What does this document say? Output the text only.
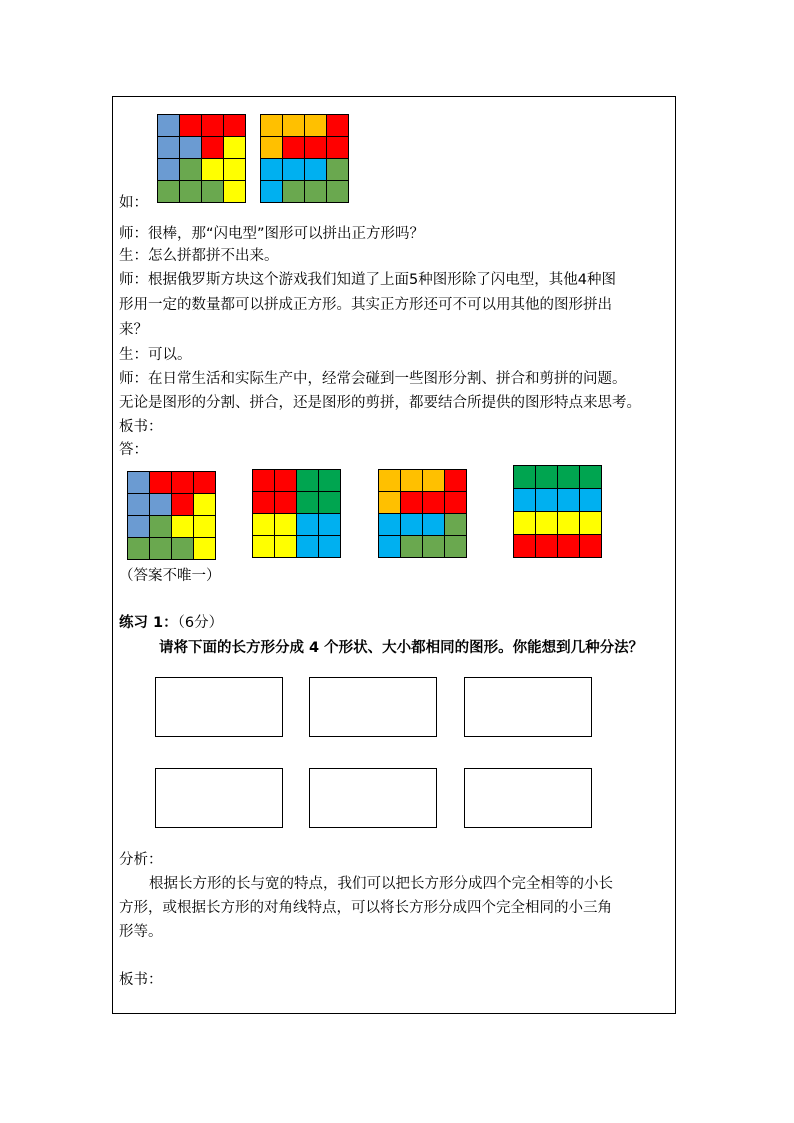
如：
师：很棒，那“闪电型”图形可以拼出正方形吗？
生：怎么拼都拼不出来。
师：根据俄罗斯方块这个游戏我们知道了上面5种图形除了闪电型，其他4种图
形用一定的数量都可以拼成正方形。其实正方形还可不可以用其他的图形拼出
来？
生：可以。
师：在日常生活和实际生产中，经常会碰到一些图形分割、拼合和剪拼的问题。
无论是图形的分割、拼合，还是图形的剪拼，都要结合所提供的图形特点来思考。
板书：
答：
（答案不唯一）
练习 1：（6分）
请将下面的长方形分成 4 个形状、大小都相同的图形。你能想到几种分法？
分析：
根据长方形的长与宽的特点，我们可以把长方形分成四个完全相等的小长
方形，或根据长方形的对角线特点，可以将长方形分成四个完全相同的小三角
形等。
板书：
